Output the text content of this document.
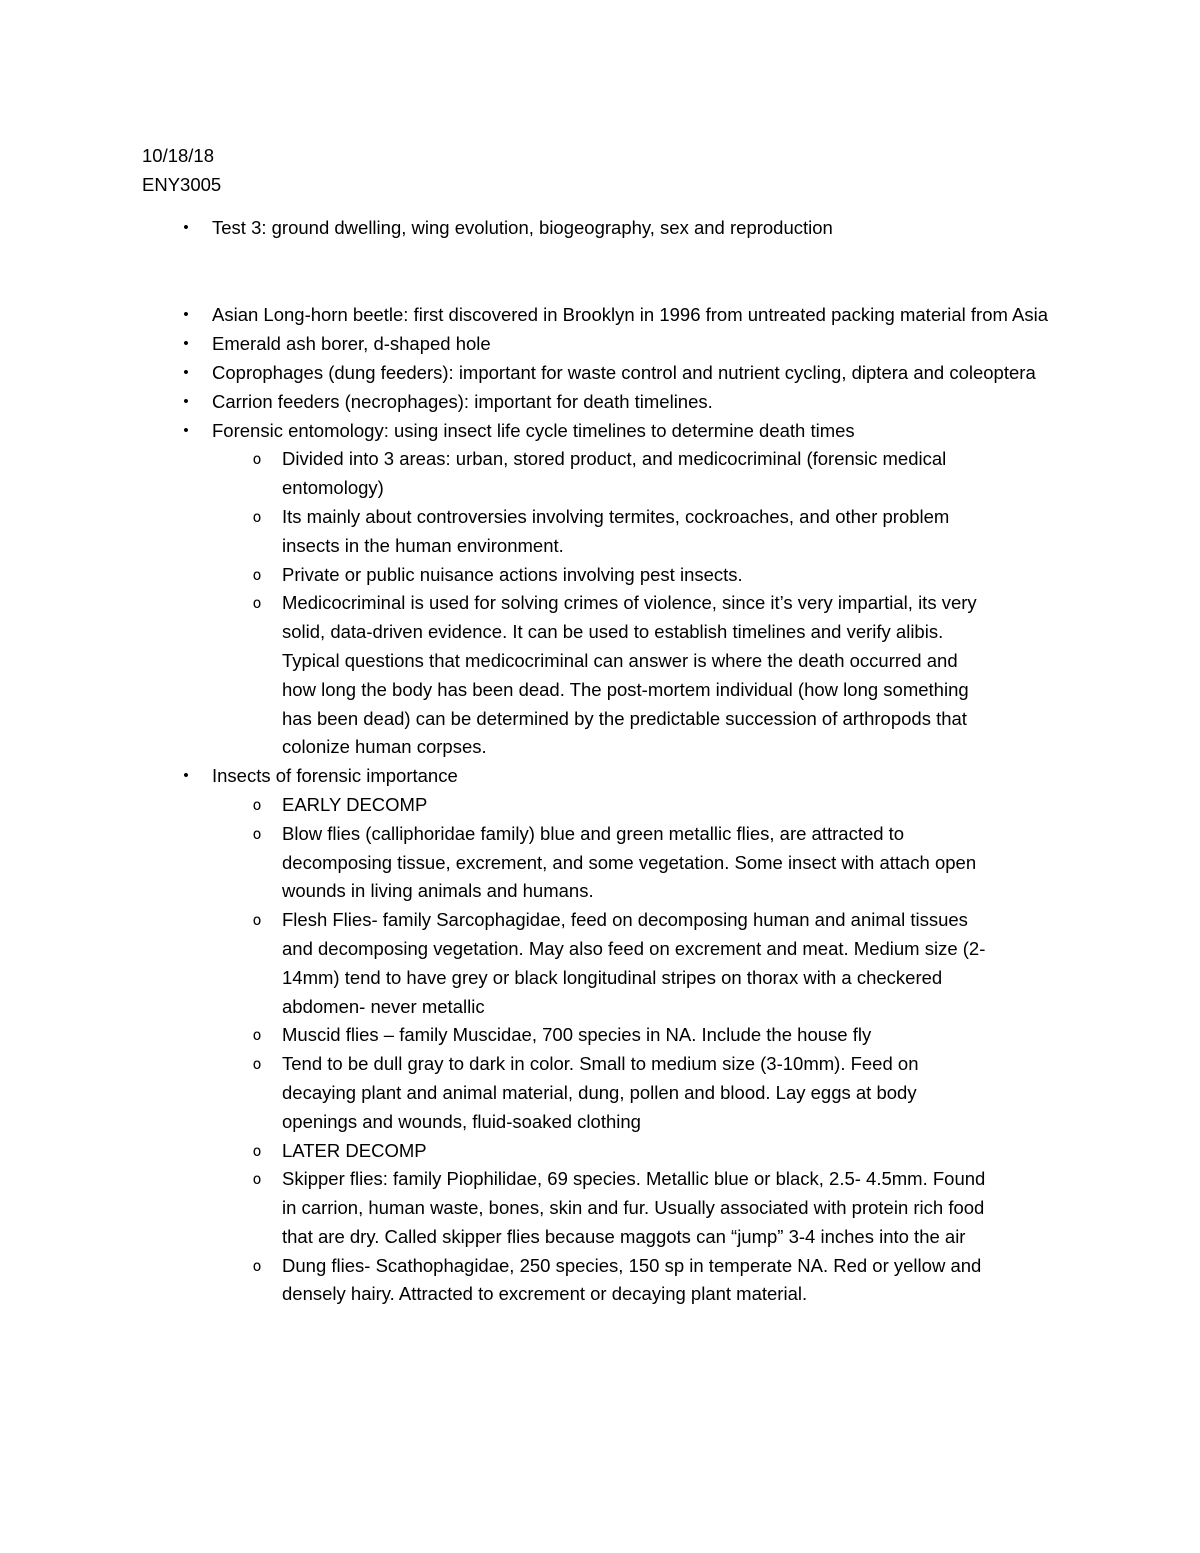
10/18/18
ENY3005
•	Test 3: ground dwelling, wing evolution, biogeography, sex and reproduction
•	Asian Long-horn beetle: first discovered in Brooklyn in 1996 from untreated packing material from Asia
•	Emerald ash borer, d-shaped hole
•	Coprophages (dung feeders): important for waste control and nutrient cycling, diptera and coleoptera
•	Carrion feeders (necrophages): important for death timelines.
•	Forensic entomology: using insect life cycle timelines to determine death times
o Divided into 3 areas: urban, stored product, and medicocriminal (forensic medical entomology)
o Its mainly about controversies involving termites, cockroaches, and other problem insects in the human environment.
o Private or public nuisance actions involving pest insects.
o Medicocriminal is used for solving crimes of violence, since it’s very impartial, its very solid, data-driven evidence. It can be used to establish timelines and verify alibis. Typical questions that medicocriminal can answer is where the death occurred and how long the body has been dead. The post-mortem individual (how long something has been dead) can be determined by the predictable succession of arthropods that colonize human corpses.
•	Insects of forensic importance
o EARLY DECOMP
o Blow flies (calliphoridae family) blue and green metallic flies, are attracted to decomposing tissue, excrement, and some vegetation. Some insect with attach open wounds in living animals and humans.
o Flesh Flies- family Sarcophagidae, feed on decomposing human and animal tissues and decomposing vegetation. May also feed on excrement and meat. Medium size (2-14mm) tend to have grey or black longitudinal stripes on thorax with a checkered abdomen- never metallic
o Muscid flies – family Muscidae, 700 species in NA. Include the house fly
o Tend to be dull gray to dark in color. Small to medium size (3-10mm). Feed on decaying plant and animal material, dung, pollen and blood. Lay eggs at body openings and wounds, fluid-soaked clothing
o LATER DECOMP
o Skipper flies: family Piophilidae, 69 species. Metallic blue or black, 2.5- 4.5mm. Found in carrion, human waste, bones, skin and fur. Usually associated with protein rich food that are dry. Called skipper flies because maggots can “jump” 3-4 inches into the air
o Dung flies- Scathophagidae, 250 species, 150 sp in temperate NA. Red or yellow and densely hairy. Attracted to excrement or decaying plant material.
